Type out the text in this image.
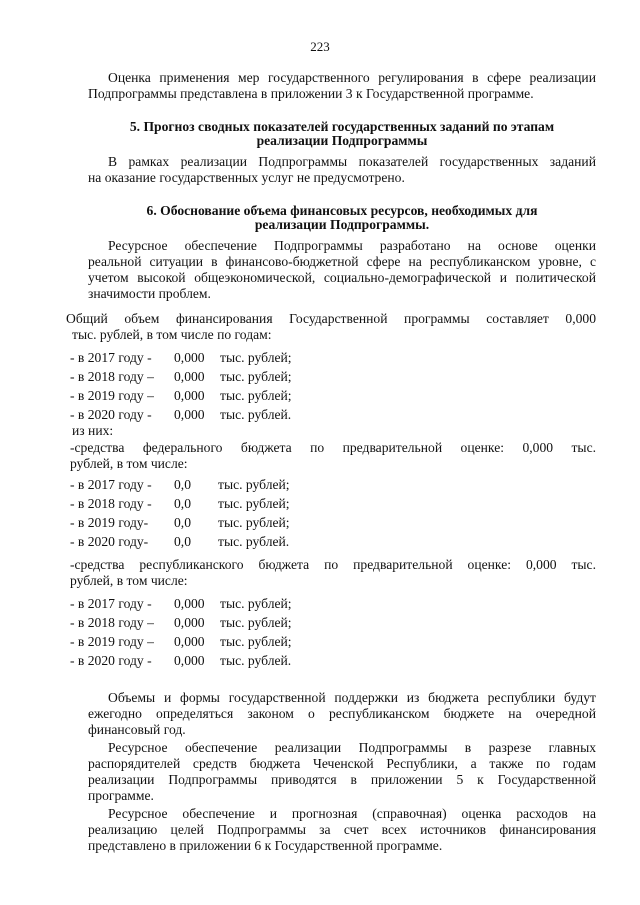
223
Оценка применения мер государственного регулирования в сфере реализации
Подпрограммы представлена в приложении 3 к Государственной программе.
5. Прогноз сводных показателей государственных заданий по этапам
реализации Подпрограммы
В рамках реализации Подпрограммы показателей государственных заданий
на оказание государственных услуг не предусмотрено.
6. Обоснование объема финансовых ресурсов, необходимых для
реализации Подпрограммы.
Ресурсное обеспечение Подпрограммы разработано на основе оценки
реальной ситуации в финансово-бюджетной сфере на республиканском уровне, с
учетом высокой общеэкономической, социально-демографической и политической
значимости проблем.
Общий объем финансирования Государственной программы составляет 0,000
тыс. рублей, в том числе по годам:
- в 2017 году - 0,000 тыс. рублей;
- в 2018 году – 0,000 тыс. рублей;
- в 2019 году – 0,000 тыс. рублей;
- в 2020 году - 0,000 тыс. рублей.
из них:
-средства федерального бюджета по предварительной оценке: 0,000 тыс.
рублей, в том числе:
- в 2017 году - 0,0 тыс. рублей;
- в 2018 году - 0,0 тыс. рублей;
- в 2019 году- 0,0 тыс. рублей;
- в 2020 году- 0,0 тыс. рублей.
-средства республиканского бюджета по предварительной оценке: 0,000 тыс.
рублей, в том числе:
- в 2017 году - 0,000 тыс. рублей;
- в 2018 году – 0,000 тыс. рублей;
- в 2019 году – 0,000 тыс. рублей;
- в 2020 году - 0,000 тыс. рублей.
Объемы и формы государственной поддержки из бюджета республики будут
ежегодно определяться законом о республиканском бюджете на очередной
финансовый год.
Ресурсное обеспечение реализации Подпрограммы в разрезе главных
распорядителей средств бюджета Чеченской Республики, а также по годам
реализации Подпрограммы приводятся в приложении 5 к Государственной
программе.
Ресурсное обеспечение и прогнозная (справочная) оценка расходов на
реализацию целей Подпрограммы за счет всех источников финансирования
представлено в приложении 6 к Государственной программе.
